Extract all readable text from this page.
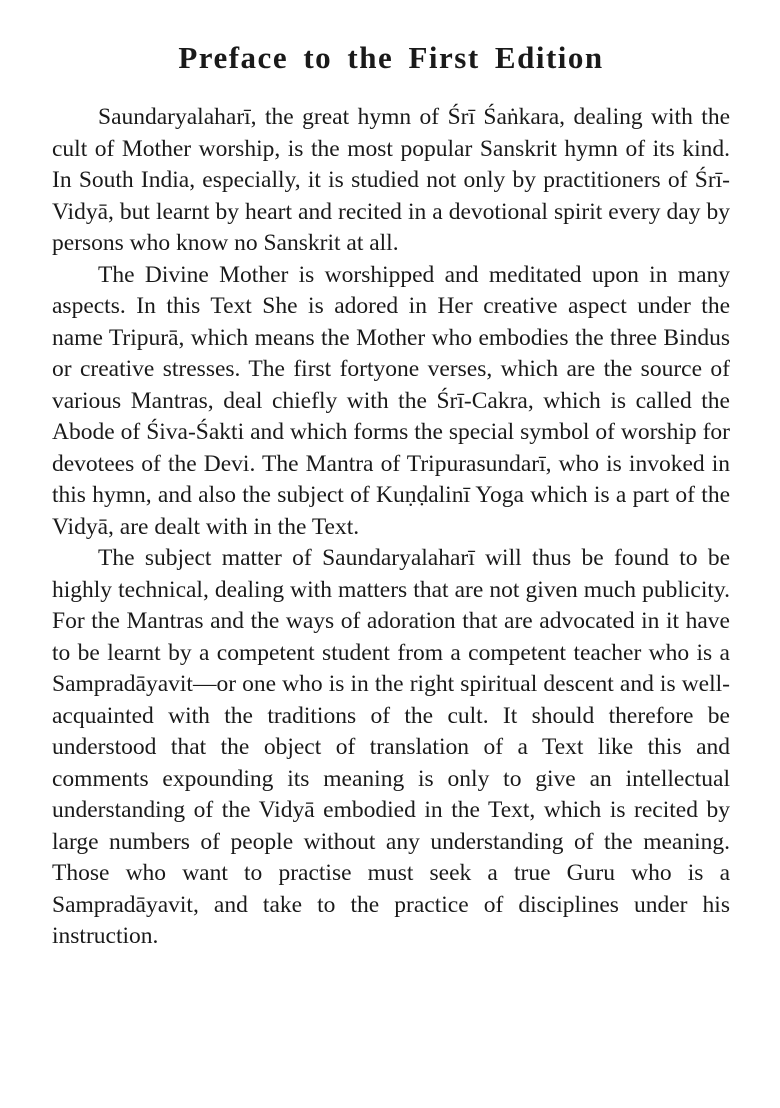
Preface to the First Edition

Saundaryalaharī, the great hymn of Śrī Śaṅkara, dealing with the cult of Mother worship, is the most popular Sanskrit hymn of its kind. In South India, especially, it is studied not only by practitioners of Śrī-Vidyā, but learnt by heart and recited in a devotional spirit every day by persons who know no Sanskrit at all.

The Divine Mother is worshipped and meditated upon in many aspects. In this Text She is adored in Her creative aspect under the name Tripurā, which means the Mother who embodies the three Bindus or creative stresses. The first fortyone verses, which are the source of various Mantras, deal chiefly with the Śrī-Cakra, which is called the Abode of Śiva-Śakti and which forms the special symbol of worship for devotees of the Devi. The Mantra of Tripurasundarī, who is invoked in this hymn, and also the subject of Kuṇḍalinī Yoga which is a part of the Vidyā, are dealt with in the Text.

The subject matter of Saundaryalaharī will thus be found to be highly technical, dealing with matters that are not given much publicity. For the Mantras and the ways of adoration that are advocated in it have to be learnt by a competent student from a competent teacher who is a Sampradāyavit—or one who is in the right spiritual descent and is well-acquainted with the traditions of the cult. It should therefore be understood that the object of translation of a Text like this and comments expounding its meaning is only to give an intellectual understanding of the Vidyā embodied in the Text, which is recited by large numbers of people without any understanding of the meaning. Those who want to practise must seek a true Guru who is a Sampradāyavit, and take to the practice of disciplines under his instruction.
